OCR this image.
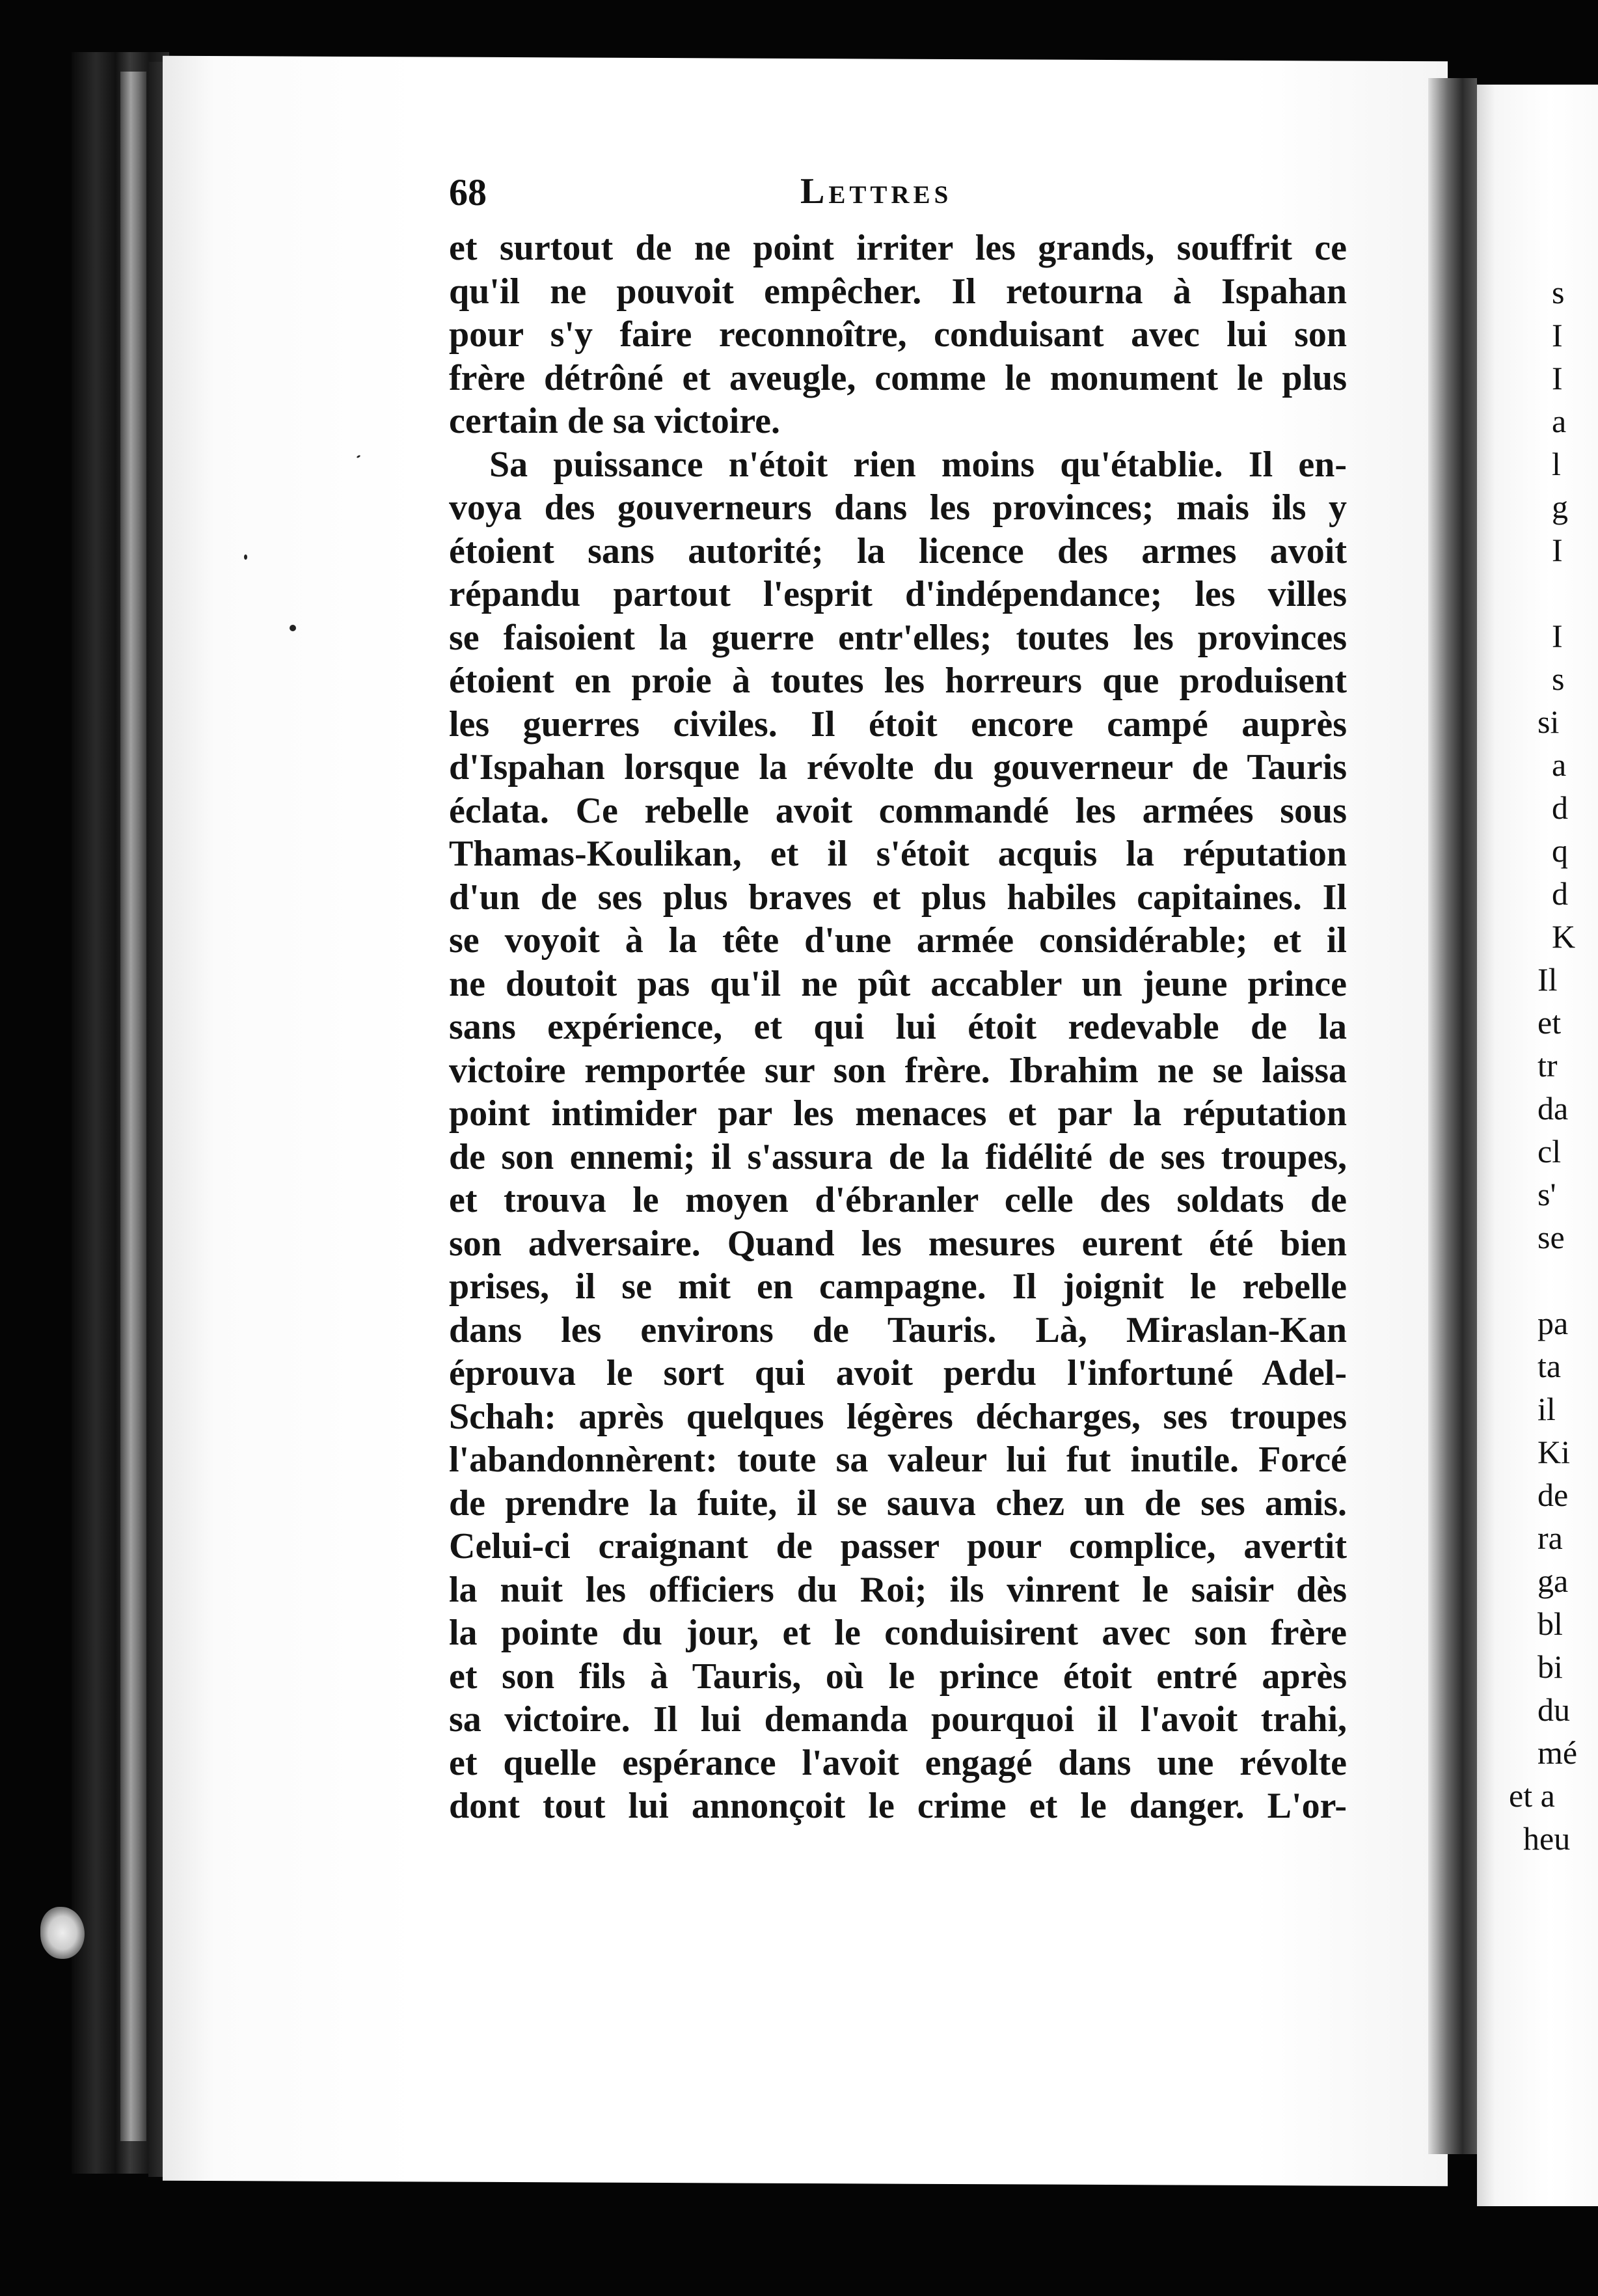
s
I
I
a
l
g
I
I
s
si
a
d
q
d
K
Il
et
tr
da
cl
s'
se
pa
ta
il
Ki
de
ra
ga
bl
bi
du
mé
et a
heu
68	Lettres
et surtout de ne point irriter les grands, souffrit ce
qu'il ne pouvoit empêcher. Il retourna à Ispahan
pour s'y faire reconnoître, conduisant avec lui son
frère détrôné et aveugle, comme le monument le plus
certain de sa victoire.
Sa puissance n'étoit rien moins qu'établie. Il en-
voya des gouverneurs dans les provinces; mais ils y
étoient sans autorité; la licence des armes avoit
répandu partout l'esprit d'indépendance; les villes
se faisoient la guerre entr'elles; toutes les provinces
étoient en proie à toutes les horreurs que produisent
les guerres civiles. Il étoit encore campé auprès
d'Ispahan lorsque la révolte du gouverneur de Tauris
éclata. Ce rebelle avoit commandé les armées sous
Thamas-Koulikan, et il s'étoit acquis la réputation
d'un de ses plus braves et plus habiles capitaines. Il
se voyoit à la tête d'une armée considérable; et il
ne doutoit pas qu'il ne pût accabler un jeune prince
sans expérience, et qui lui étoit redevable de la
victoire remportée sur son frère. Ibrahim ne se laissa
point intimider par les menaces et par la réputation
de son ennemi; il s'assura de la fidélité de ses troupes,
et trouva le moyen d'ébranler celle des soldats de
son adversaire. Quand les mesures eurent été bien
prises, il se mit en campagne. Il joignit le rebelle
dans les environs de Tauris. Là, Miraslan-Kan
éprouva le sort qui avoit perdu l'infortuné Adel-
Schah: après quelques légères décharges, ses troupes
l'abandonnèrent: toute sa valeur lui fut inutile. Forcé
de prendre la fuite, il se sauva chez un de ses amis.
Celui-ci craignant de passer pour complice, avertit
la nuit les officiers du Roi; ils vinrent le saisir dès
la pointe du jour, et le conduisirent avec son frère
et son fils à Tauris, où le prince étoit entré après
sa victoire. Il lui demanda pourquoi il l'avoit trahi,
et quelle espérance l'avoit engagé dans une révolte
dont tout lui annonçoit le crime et le danger. L'or-
